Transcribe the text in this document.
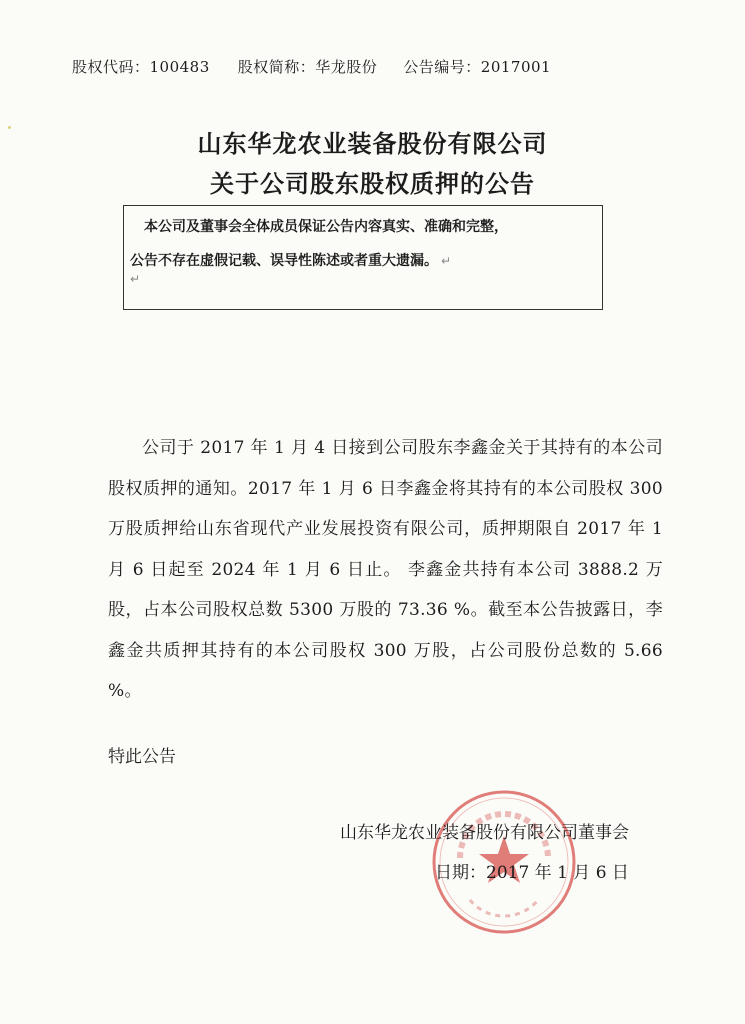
股权代码：100483 股权简称：华龙股份 公告编号：2017001
山东华龙农业装备股份有限公司
关于公司股东股权质押的公告
本公司及董事会全体成员保证公告内容真实、准确和完整，
公告不存在虚假记载、误导性陈述或者重大遗漏。 ↵
↵

公司于 2017 年 1 月 4 日接到公司股东李鑫金关于其持有的本公司股权质押的通知。2017 年 1 月 6 日李鑫金将其持有的本公司股权 300 万股质押给山东省现代产业发展投资有限公司，质押期限自 2017 年 1 月 6 日起至 2024 年 1 月 6 日止。 李鑫金共持有本公司 3888.2 万股，占本公司股权总数 5300 万股的 73.36 %。截至本公告披露日，李鑫金共质押其持有的本公司股权 300 万股，占公司股份总数的 5.66 %。

特此公告
山东华龙农业装备股份有限公司董事会
日期：2017 年 1 月 6 日
